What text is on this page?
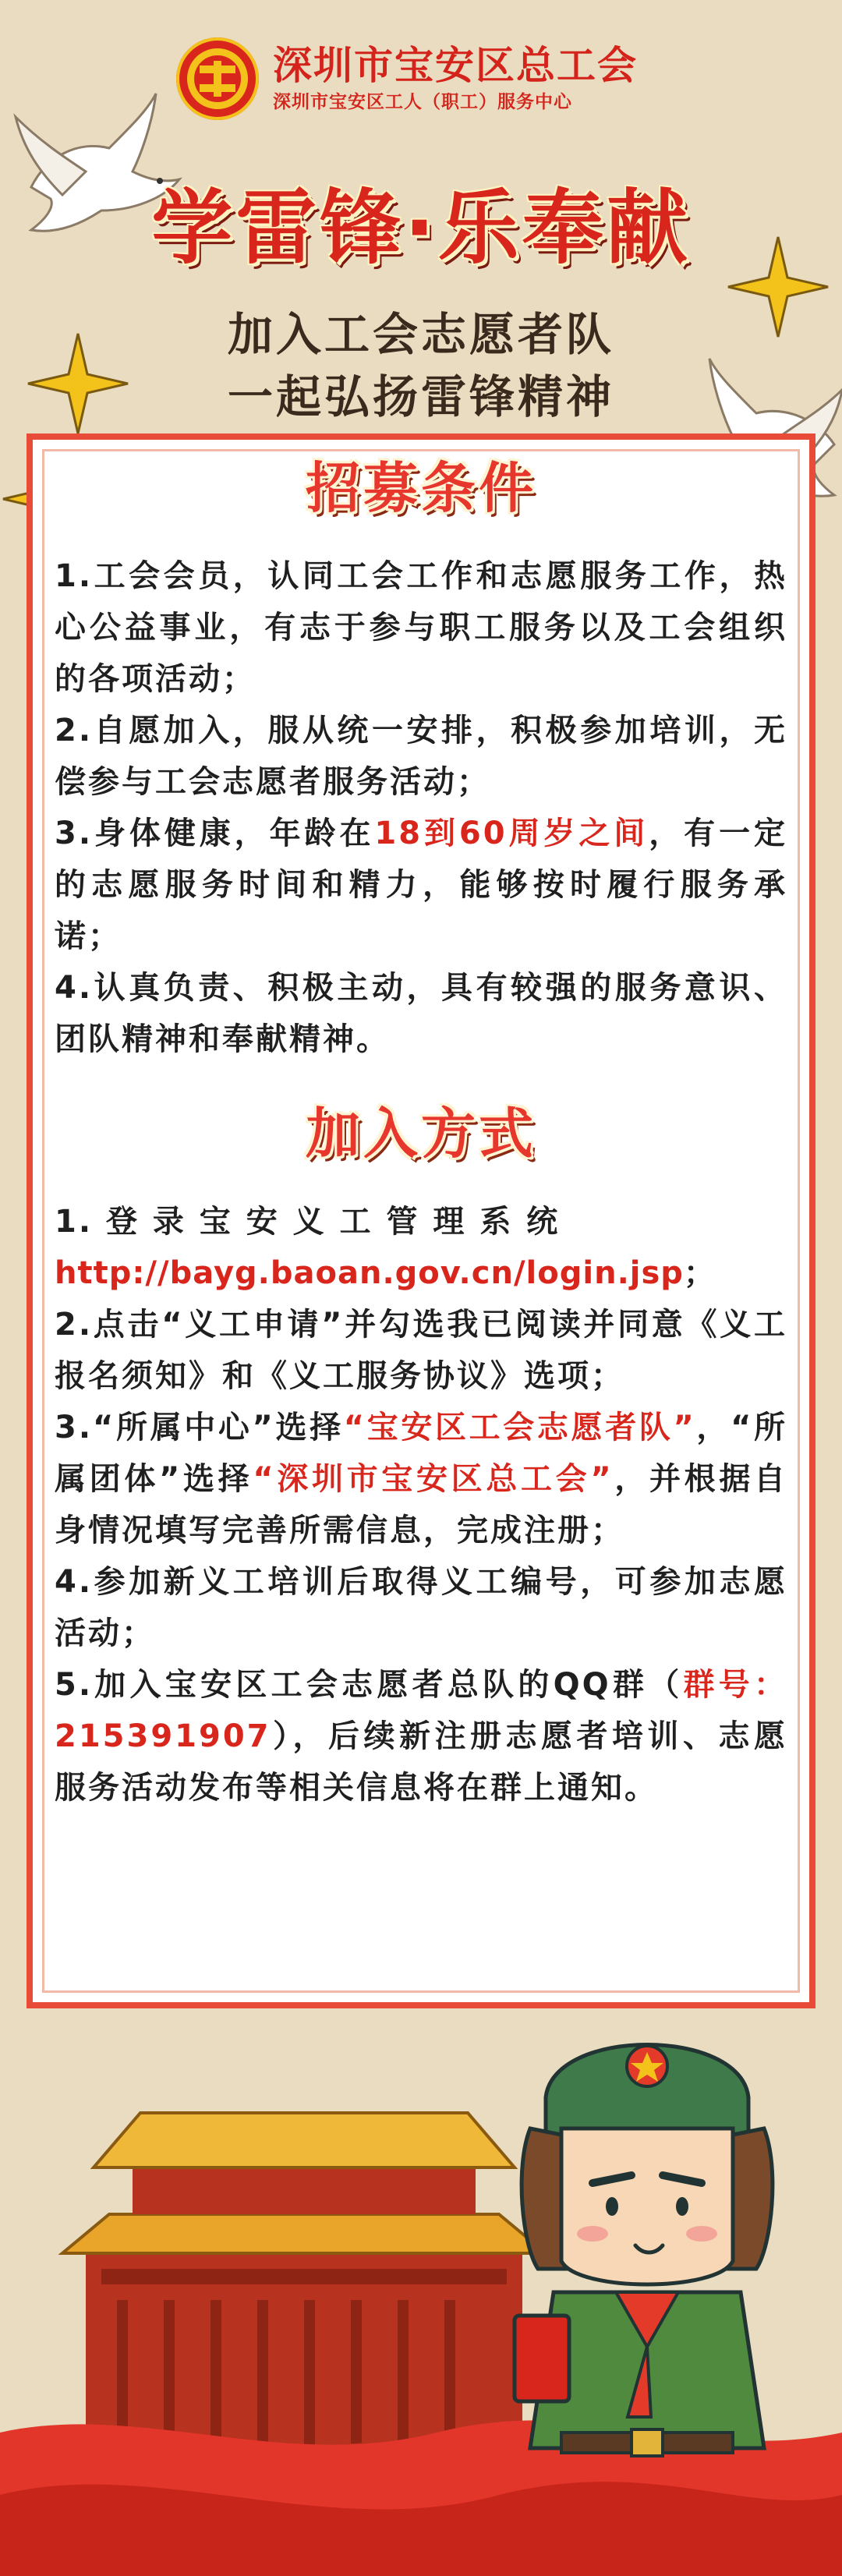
深圳市宝安区总工会
深圳市宝安区工人（职工）服务中心
学雷锋·乐奉献
加入工会志愿者队
一起弘扬雷锋精神
招募条件

1.工会会员，认同工会工作和志愿服务工作，热心公益事业，有志于参与职工服务以及工会组织的各项活动；

2.自愿加入，服从统一安排，积极参加培训，无偿参与工会志愿者服务活动；

3.身体健康，年龄在18到60周岁之间，有一定的志愿服务时间和精力，能够按时履行服务承诺；

4.认真负责、积极主动，具有较强的服务意识、团队精神和奉献精神。

加入方式

1. 登 录 宝 安 义 工 管 理 系 统
http://bayg.baoan.gov.cn/login.jsp；

2.点击“义工申请”并勾选我已阅读并同意《义工报名须知》和《义工服务协议》选项；

3.“所属中心”选择“宝安区工会志愿者队”，“所属团体”选择“深圳市宝安区总工会”，并根据自身情况填写完善所需信息，完成注册；

4.参加新义工培训后取得义工编号，可参加志愿活动；

5.加入宝安区工会志愿者总队的QQ群（群号：215391907），后续新注册志愿者培训、志愿服务活动发布等相关信息将在群上通知。
